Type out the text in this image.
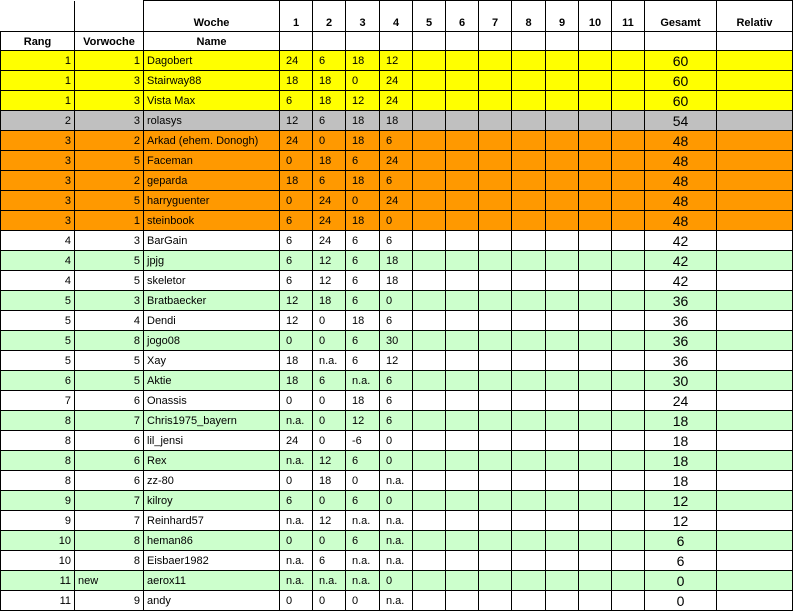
		Woche	1	2	3	4	5	6	7	8	9	10	11	Gesamt	Relativ
Rang	Vorwoche	Name													
1	1	Dagobert	24	6	18	12								60	
1	3	Stairway88	18	18	0	24								60	
1	3	Vista Max	6	18	12	24								60	
2	3	rolasys	12	6	18	18								54	
3	2	Arkad (ehem. Donogh)	24	0	18	6								48	
3	5	Faceman	0	18	6	24								48	
3	2	geparda	18	6	18	6								48	
3	5	harryguenter	0	24	0	24								48	
3	1	steinbook	6	24	18	0								48	
4	3	BarGain	6	24	6	6								42	
4	5	jpjg	6	12	6	18								42	
4	5	skeletor	6	12	6	18								42	
5	3	Bratbaecker	12	18	6	0								36	
5	4	Dendi	12	0	18	6								36	
5	8	jogo08	0	0	6	30								36	
5	5	Xay	18	n.a.	6	12								36	
6	5	Aktie	18	6	n.a.	6								30	
7	6	Onassis	0	0	18	6								24	
8	7	Chris1975_bayern	n.a.	0	12	6								18	
8	6	lil_jensi	24	0	-6	0								18	
8	6	Rex	n.a.	12	6	0								18	
8	6	zz-80	0	18	0	n.a.								18	
9	7	kilroy	6	0	6	0								12	
9	7	Reinhard57	n.a.	12	n.a.	n.a.								12	
10	8	heman86	0	0	6	n.a.								6	
10	8	Eisbaer1982	n.a.	6	n.a.	n.a.								6	
11	new	aerox11	n.a.	n.a.	n.a.	0								0	
11	9	andy	0	0	0	n.a.								0	
